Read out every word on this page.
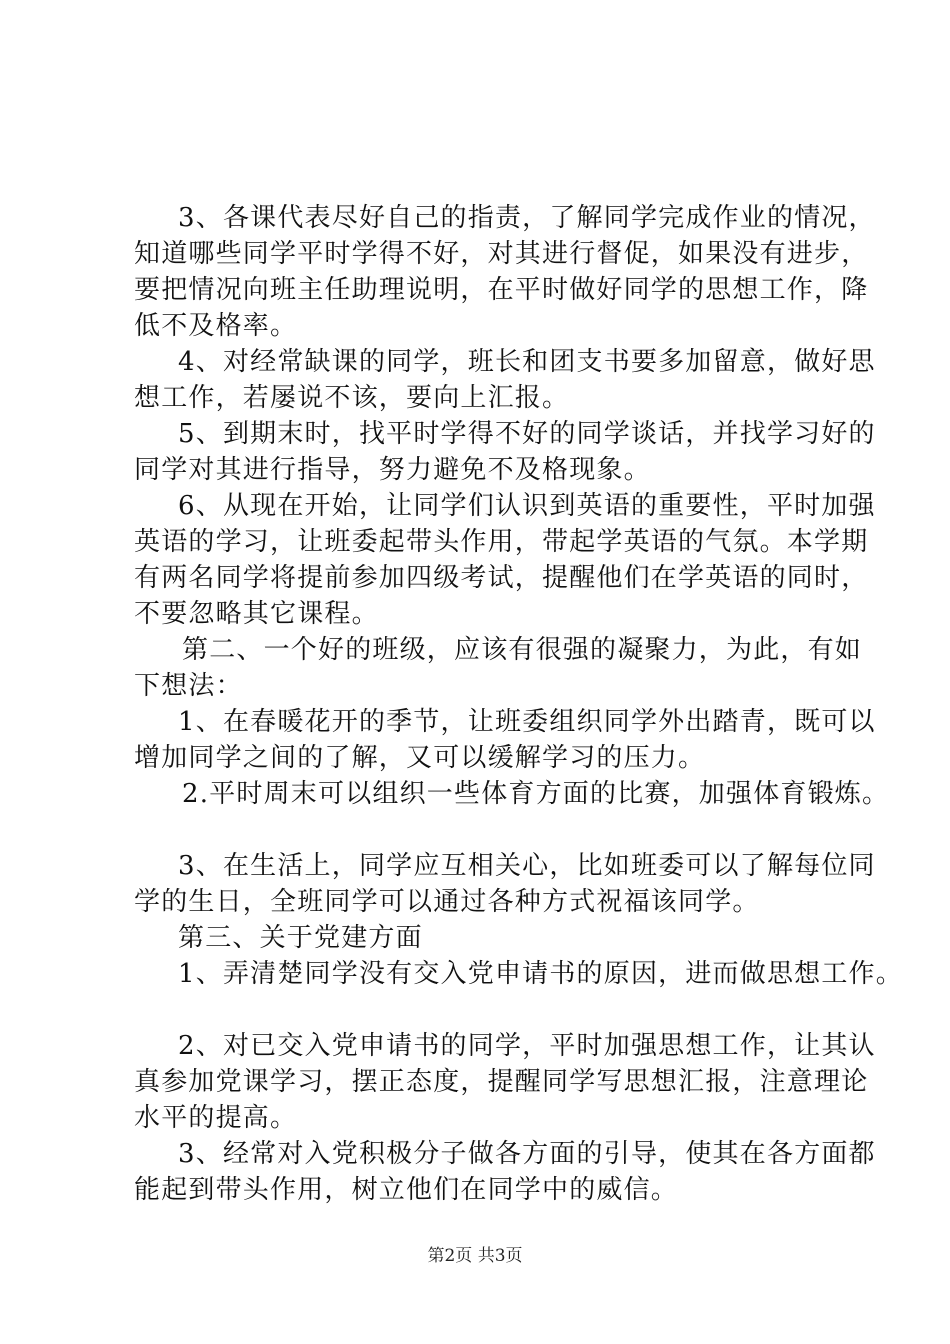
3、各课代表尽好自己的指责，了解同学完成作业的情况，
知道哪些同学平时学得不好，对其进行督促，如果没有进步，
要把情况向班主任助理说明，在平时做好同学的思想工作，降
低不及格率。
4、对经常缺课的同学，班长和团支书要多加留意，做好思
想工作，若屡说不该，要向上汇报。
5、到期末时，找平时学得不好的同学谈话，并找学习好的
同学对其进行指导，努力避免不及格现象。
6、从现在开始，让同学们认识到英语的重要性，平时加强
英语的学习，让班委起带头作用，带起学英语的气氛。本学期
有两名同学将提前参加四级考试，提醒他们在学英语的同时，
不要忽略其它课程。
第二、一个好的班级，应该有很强的凝聚力，为此，有如
下想法：
1、在春暖花开的季节，让班委组织同学外出踏青，既可以
增加同学之间的了解，又可以缓解学习的压力。
2.平时周末可以组织一些体育方面的比赛，加强体育锻炼。
3、在生活上，同学应互相关心，比如班委可以了解每位同
学的生日，全班同学可以通过各种方式祝福该同学。
第三、关于党建方面
1、弄清楚同学没有交入党申请书的原因，进而做思想工作。
2、对已交入党申请书的同学，平时加强思想工作，让其认
真参加党课学习，摆正态度，提醒同学写思想汇报，注意理论
水平的提高。
3、经常对入党积极分子做各方面的引导，使其在各方面都
能起到带头作用，树立他们在同学中的威信。
第2页 共3页
